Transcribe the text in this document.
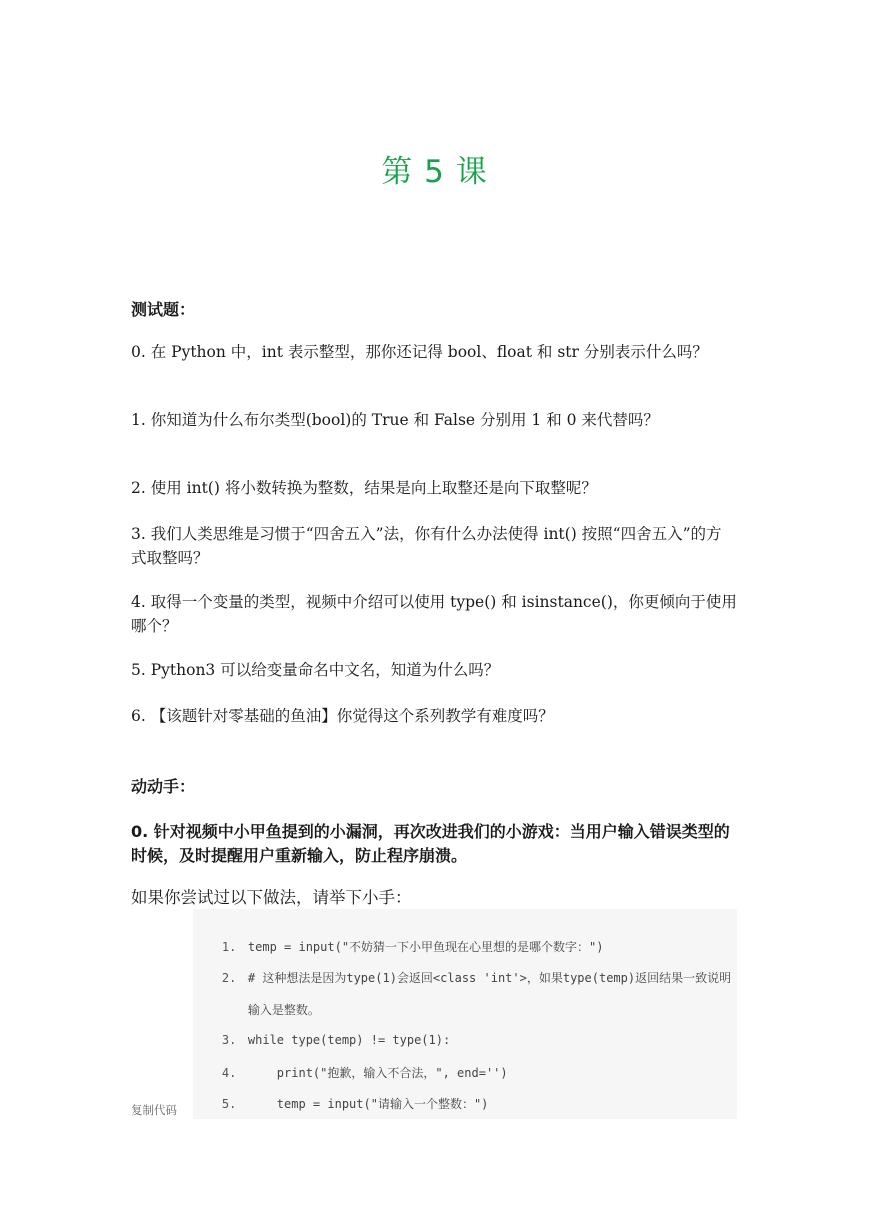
第 5 课
测试题：

0. 在 Python 中，int 表示整型，那你还记得 bool、float 和 str 分别表示什么吗？

1. 你知道为什么布尔类型(bool)的 True 和 False 分别用 1 和 0 来代替吗？

2. 使用 int() 将小数转换为整数，结果是向上取整还是向下取整呢？

3. 我们人类思维是习惯于“四舍五入”法，你有什么办法使得 int() 按照“四舍五入”的方式取整吗？

4. 取得一个变量的类型，视频中介绍可以使用 type() 和 isinstance()，你更倾向于使用哪个？

5. Python3 可以给变量命名中文名，知道为什么吗？

6. 【该题针对零基础的鱼油】你觉得这个系列教学有难度吗？

动动手：
0. 针对视频中小甲鱼提到的小漏洞，再次改进我们的小游戏：当用户输入错误类型的时候，及时提醒用户重新输入，防止程序崩溃。
如果你尝试过以下做法，请举下小手：

1. temp = input("不妨猜一下小甲鱼现在心里想的是哪个数字：")

2. # 这种想法是因为type(1)会返回<class 'int'>，如果type(temp)返回结果一致说明

输入是整数。

3. while type(temp) != type(1):

4.    print("抱歉，输入不合法，", end='')

5.    temp = input("请输入一个整数：")

复制代码
